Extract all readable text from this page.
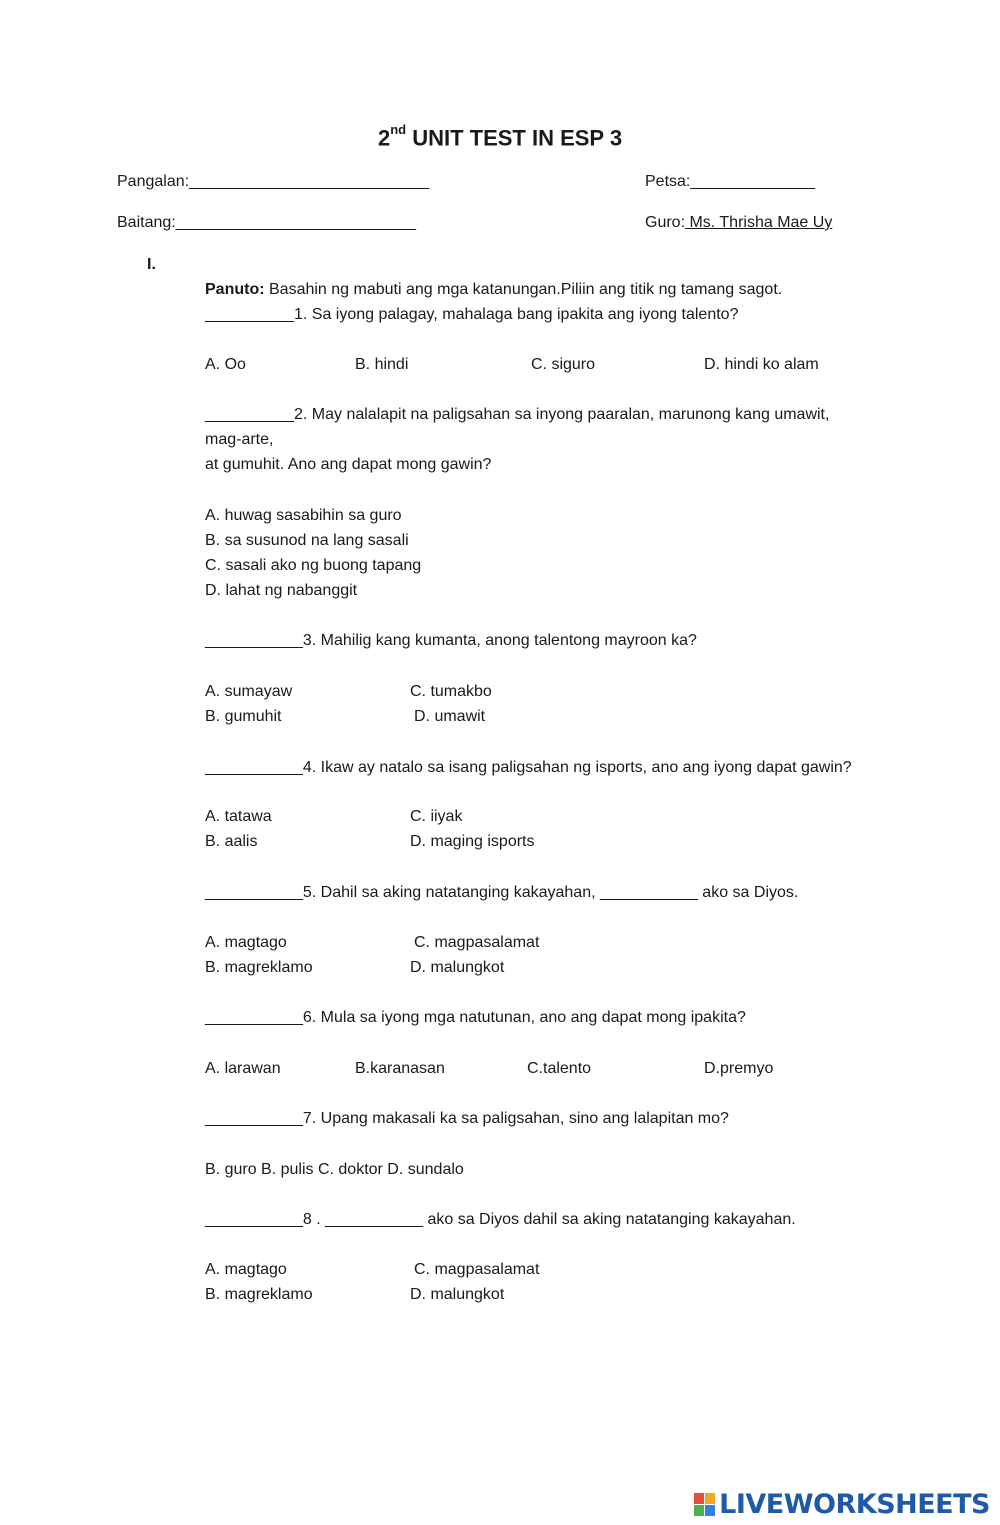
2nd UNIT TEST IN ESP 3
Pangalan:___________________________	Petsa:______________
Baitang:___________________________	Guro: Ms. Thrisha Mae Uy
I.
Panuto: Basahin ng mabuti ang mga katanungan.Piliin ang titik ng tamang sagot.
__________1. Sa iyong palagay, mahalaga bang ipakita ang iyong talento?
A. Oo	B. hindi	C. siguro	D. hindi ko alam
__________2. May nalalapit na paligsahan sa inyong paaralan, marunong kang umawit,
mag-arte,
at gumuhit. Ano ang dapat mong gawin?
A. huwag sasabihin sa guro
B. sa susunod na lang sasali
C. sasali ako ng buong tapang
D. lahat ng nabanggit
___________3. Mahilig kang kumanta, anong talentong mayroon ka?
A. sumayaw	C. tumakbo
B. gumuhit	D. umawit
___________4. Ikaw ay natalo sa isang paligsahan ng isports, ano ang iyong dapat gawin?
A. tatawa	C. iiyak
B. aalis	D. maging isports
___________5. Dahil sa aking natatanging kakayahan, ___________ ako sa Diyos.
A. magtago	C. magpasalamat
B. magreklamo	D. malungkot
___________6. Mula sa iyong mga natutunan, ano ang dapat mong ipakita?
A. larawan	B.karanasan	C.talento	D.premyo
___________7. Upang makasali ka sa paligsahan, sino ang lalapitan mo?
B. guro B. pulis C. doktor D. sundalo
___________8 . ___________ ako sa Diyos dahil sa aking natatanging kakayahan.
A. magtago	C. magpasalamat
B. magreklamo	D. malungkot
LIVEWORKSHEETS
